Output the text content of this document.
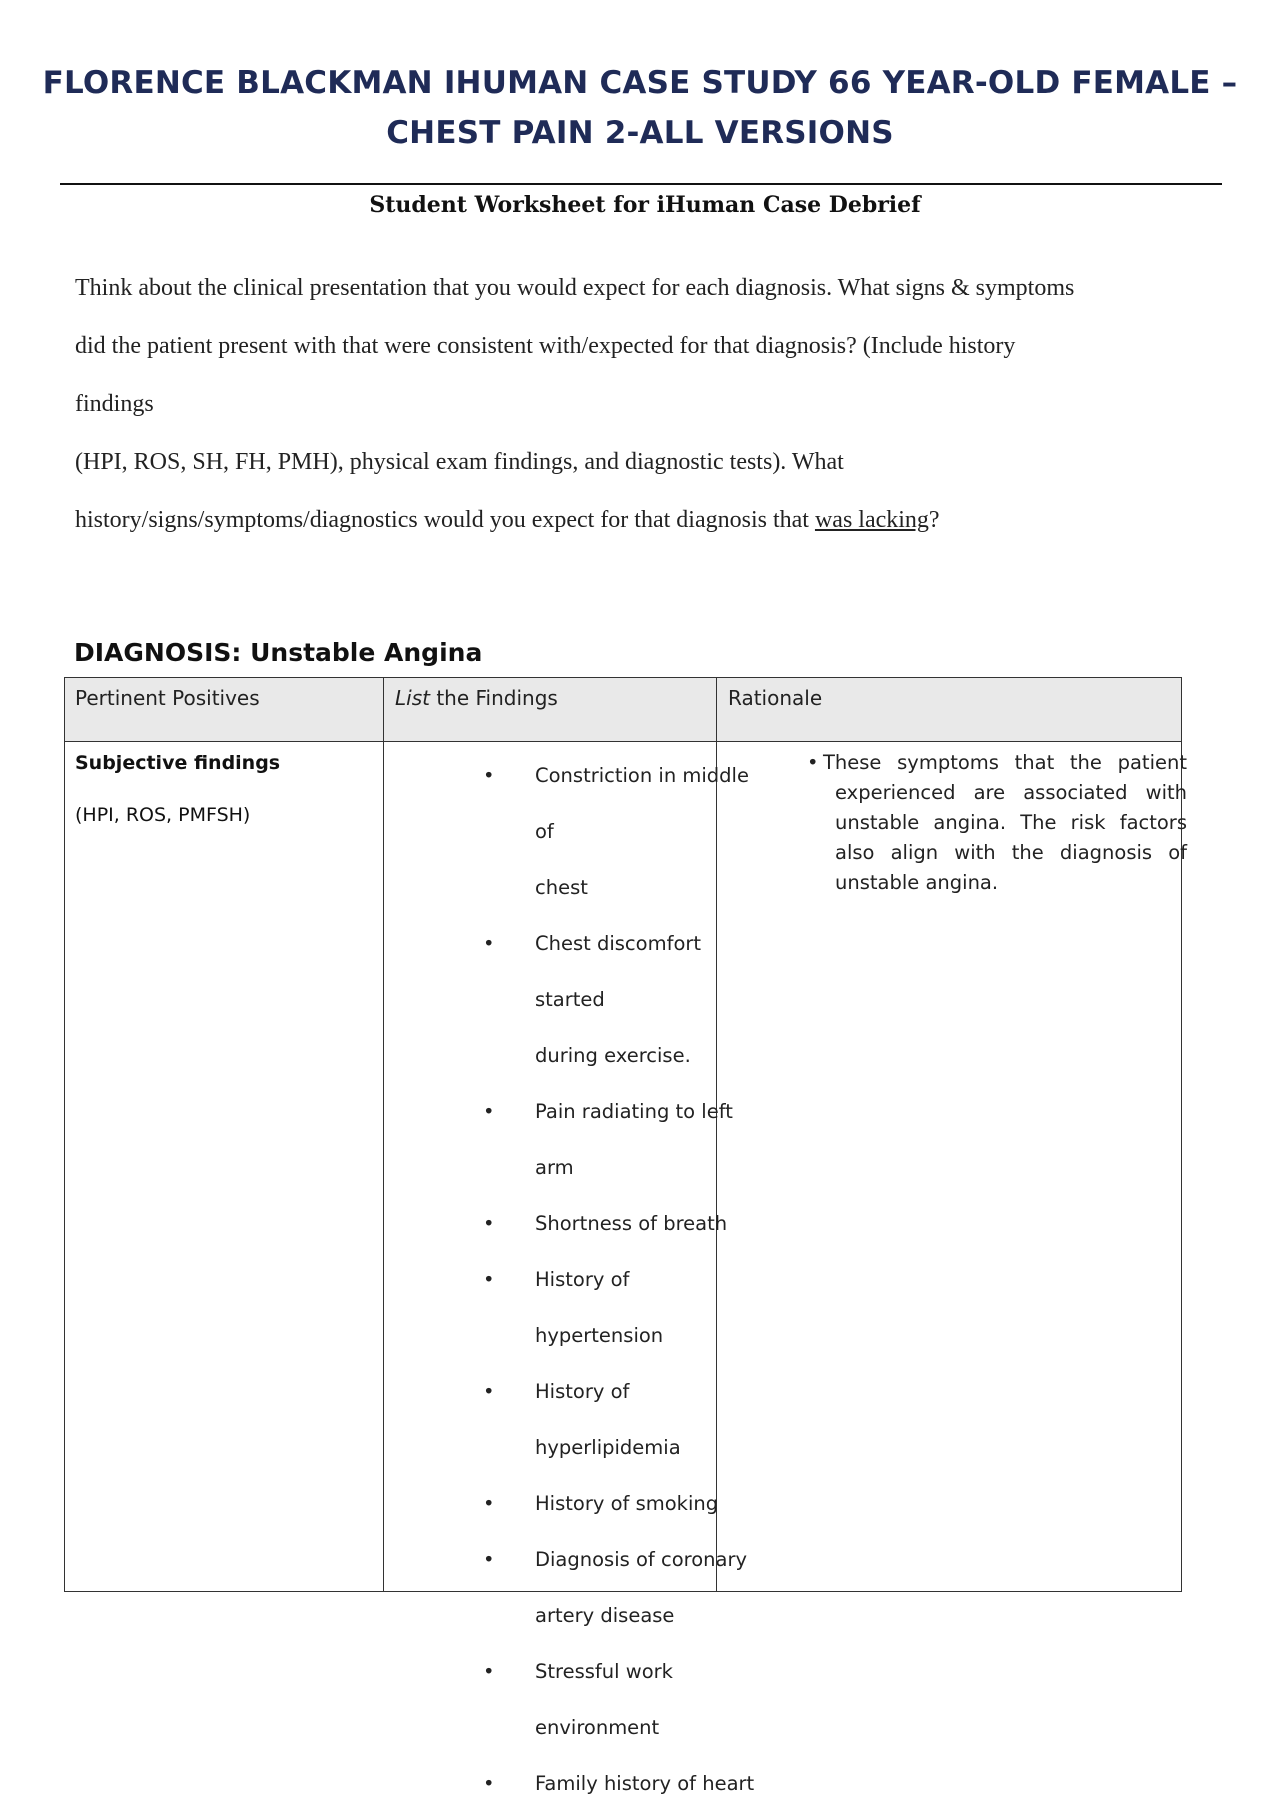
FLORENCE BLACKMAN IHUMAN CASE STUDY 66 YEAR-OLD FEMALE –
CHEST PAIN 2-ALL VERSIONS
Student Worksheet for iHuman Case Debrief

Think about the clinical presentation that you would expect for each diagnosis. What signs & symptoms

did the patient present with that were consistent with/expected for that diagnosis? (Include history

findings

(HPI, ROS, SH, FH, PMH), physical exam findings, and diagnostic tests). What

history/signs/symptoms/diagnostics would you expect for that diagnosis that was lacking?

DIAGNOSIS: Unstable Angina
Pertinent Positives	List the Findings	Rationale
Subjective findings
(HPI, ROS, PMFSH)
• Constriction in middle of
chest
• Chest discomfort started
during exercise.
• Pain radiating to left arm
• Shortness of breath
• History of hypertension
• History of
hyperlipidemia
• History of smoking
• Diagnosis of coronary
artery disease
• Stressful work
environment
• Family history of heart
• These symptoms that the patient experienced are associated with unstable angina. The risk factors also align with the diagnosis of unstable angina.
